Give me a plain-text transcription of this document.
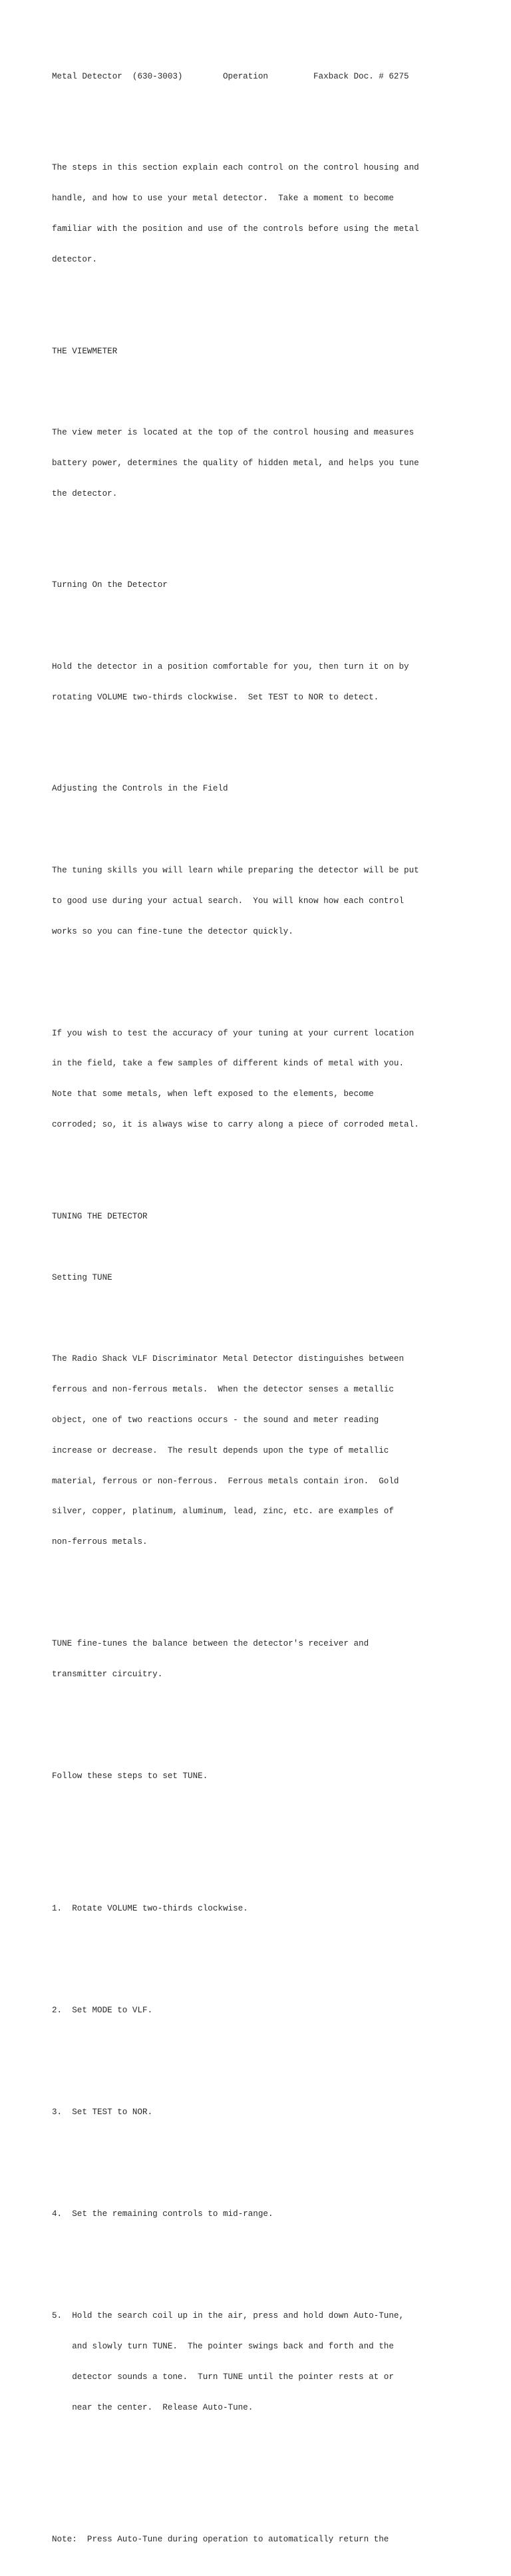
Metal Detector  (630-3003)        Operation         Faxback Doc. # 6275

The steps in this section explain each control on the control housing and

handle, and how to use your metal detector.  Take a moment to become

familiar with the position and use of the controls before using the metal

detector.

THE VIEWMETER

The view meter is located at the top of the control housing and measures

battery power, determines the quality of hidden metal, and helps you tune

the detector.

Turning On the Detector

Hold the detector in a position comfortable for you, then turn it on by

rotating VOLUME two-thirds clockwise.  Set TEST to NOR to detect.

Adjusting the Controls in the Field

The tuning skills you will learn while preparing the detector will be put

to good use during your actual search.  You will know how each control

works so you can fine-tune the detector quickly.

If you wish to test the accuracy of your tuning at your current location

in the field, take a few samples of different kinds of metal with you.

Note that some metals, when left exposed to the elements, become

corroded; so, it is always wise to carry along a piece of corroded metal.

TUNING THE DETECTOR

Setting TUNE

The Radio Shack VLF Discriminator Metal Detector distinguishes between

ferrous and non-ferrous metals.  When the detector senses a metallic

object, one of two reactions occurs - the sound and meter reading

increase or decrease.  The result depends upon the type of metallic

material, ferrous or non-ferrous.  Ferrous metals contain iron.  Gold

silver, copper, platinum, aluminum, lead, zinc, etc. are examples of

non-ferrous metals.

TUNE fine-tunes the balance between the detector's receiver and

transmitter circuitry.

Follow these steps to set TUNE.

1.  Rotate VOLUME two-thirds clockwise.

2.  Set MODE to VLF.

3.  Set TEST to NOR.

4.  Set the remaining controls to mid-range.

5.  Hold the search coil up in the air, press and hold down Auto-Tune,

and slowly turn TUNE.  The pointer swings back and forth and the

detector sounds a tone.  Turn TUNE until the pointer rests at or

near the center.  Release Auto-Tune.

Note:  Press Auto-Tune during operation to automatically return the
